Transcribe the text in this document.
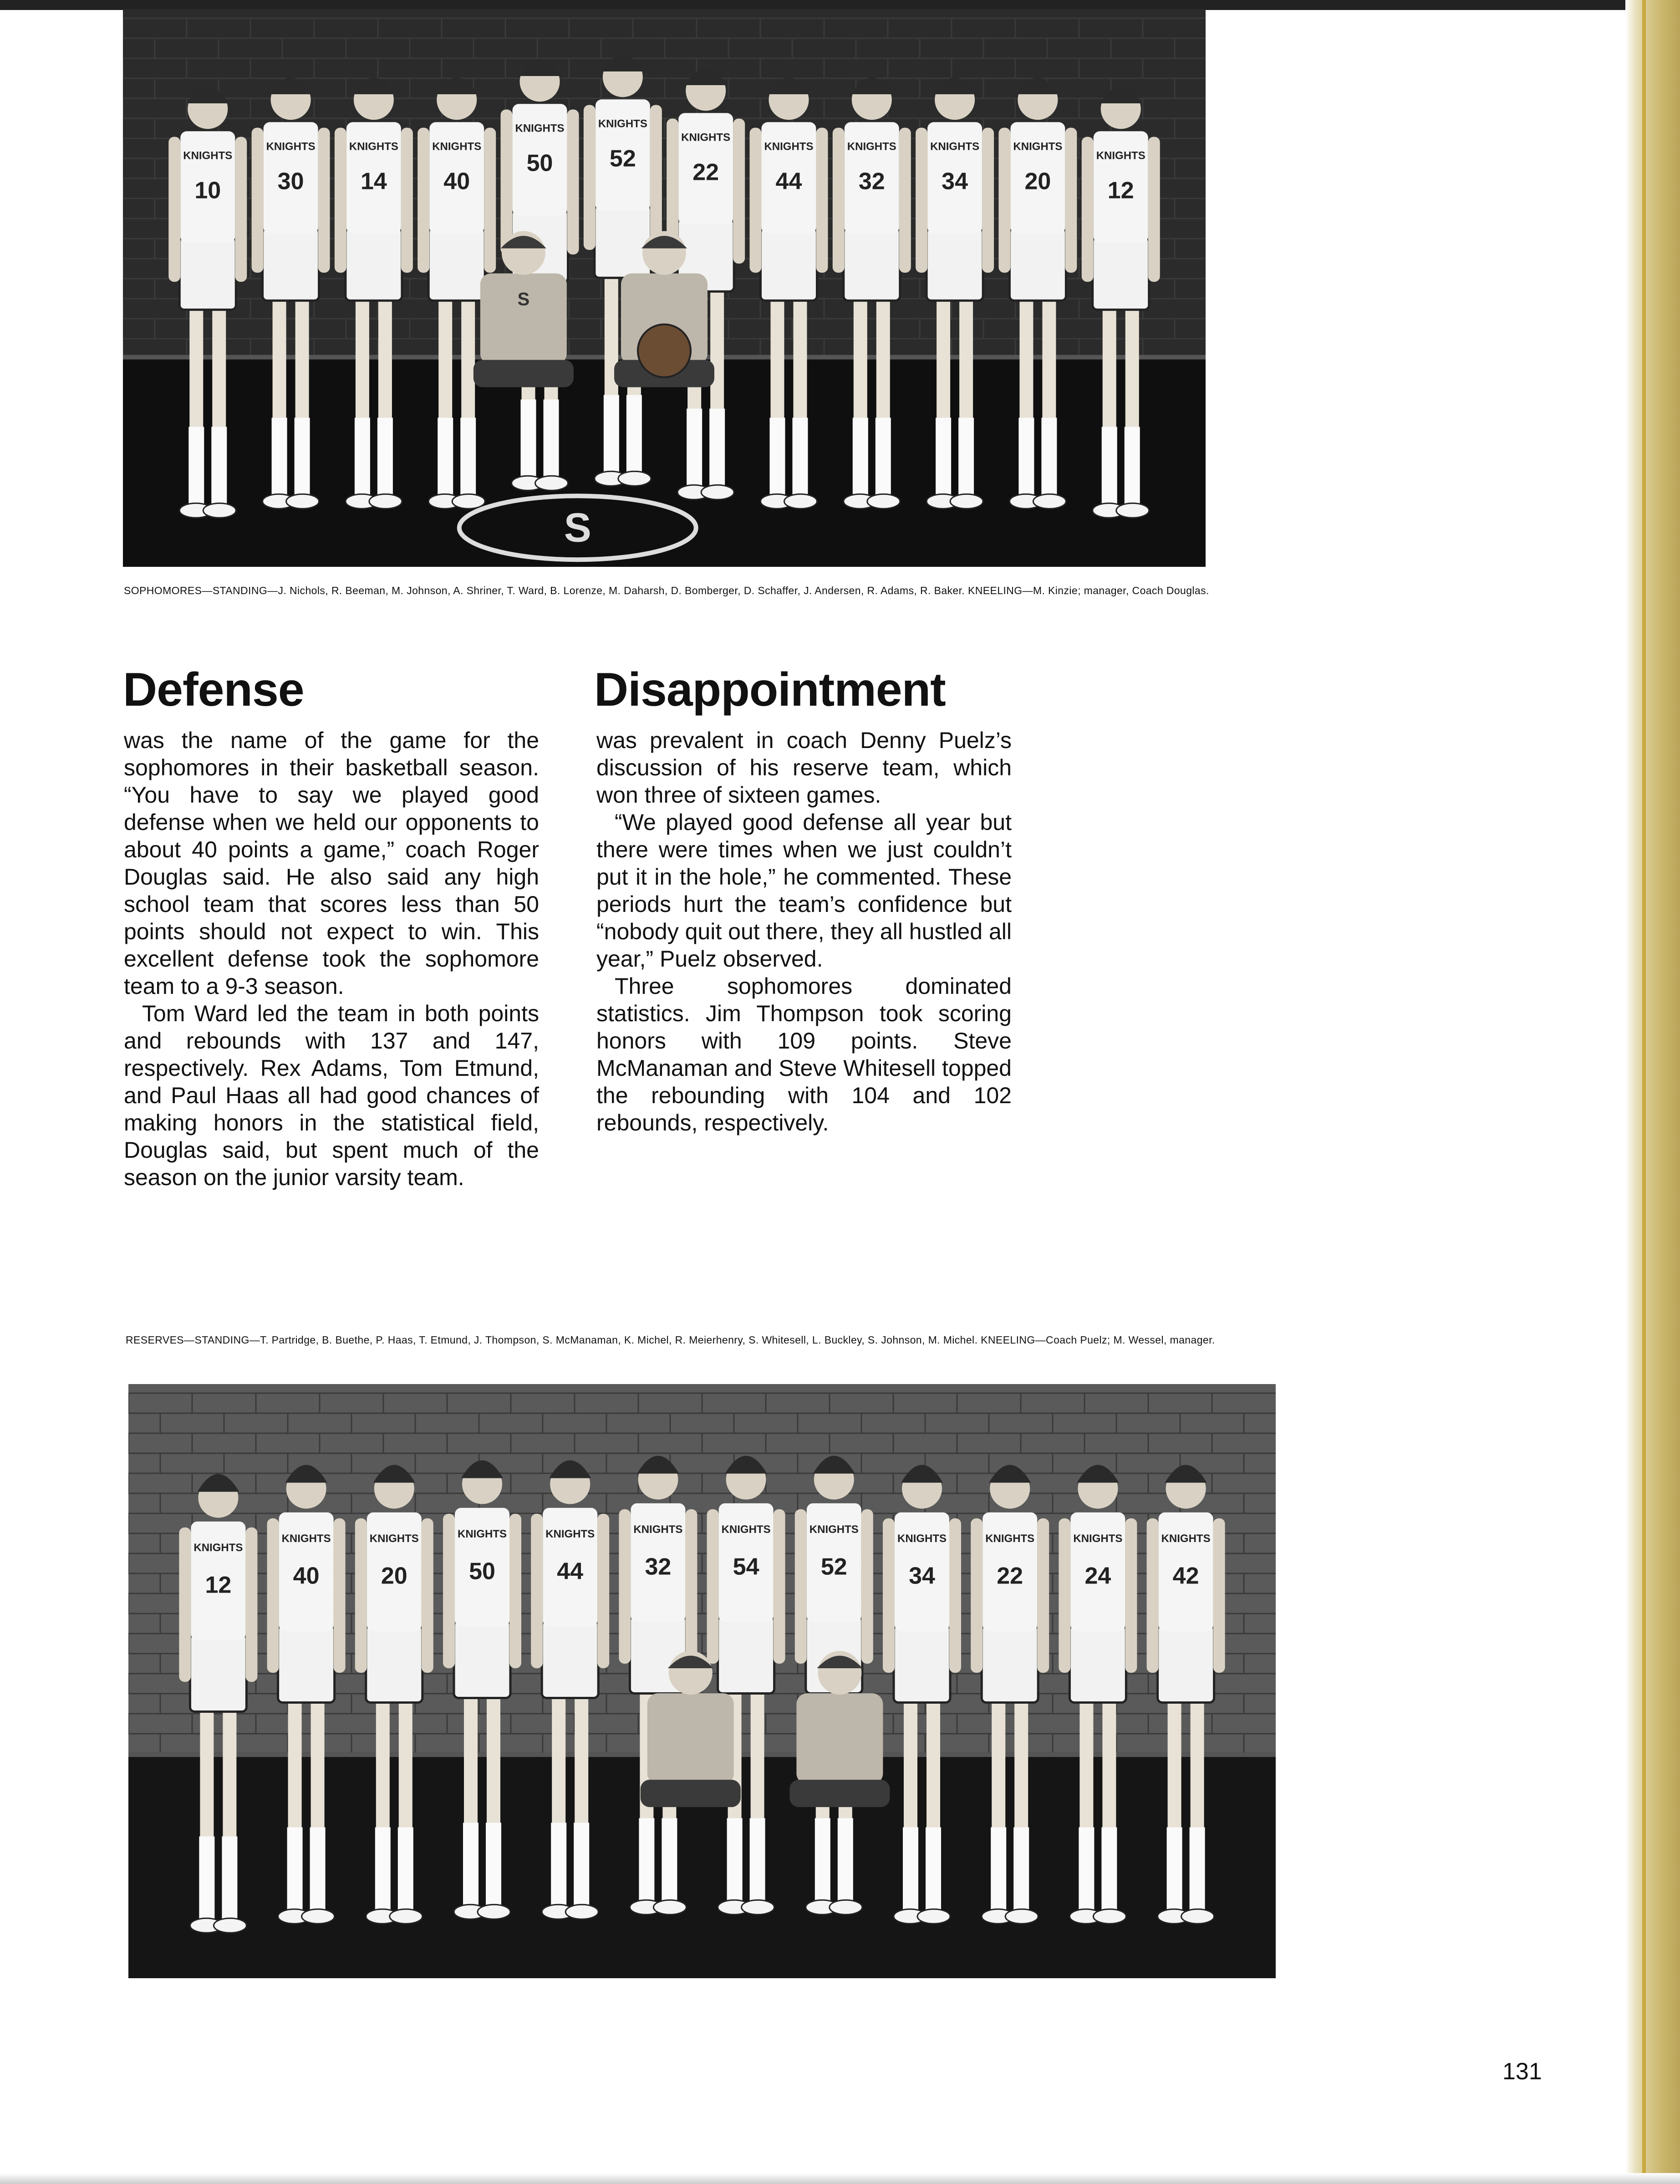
S
KNIGHTS
10
KNIGHTS
30
KNIGHTS
14
KNIGHTS
40
KNIGHTS
50
KNIGHTS
52
KNIGHTS
22
KNIGHTS
44
KNIGHTS
32
KNIGHTS
34
KNIGHTS
20
KNIGHTS
12
S
SOPHOMORES—STANDING—J. Nichols, R. Beeman, M. Johnson, A. Shriner, T. Ward, B. Lorenze, M. Daharsh, D. Bomberger, D. Schaffer, J. Andersen, R. Adams, R. Baker. KNEELING—M. Kinzie; manager, Coach Douglas.
Defense

was the name of the game for the sophomores in their basketball season. “You have to say we played good defense when we held our opponents to about 40 points a game,” coach Roger Douglas said. He also said any high school team that scores less than 50 points should not expect to win. This excellent defense took the sophomore team to a 9-3 season.

Tom Ward led the team in both points and rebounds with 137 and 147, respectively. Rex Adams, Tom Etmund, and Paul Haas all had good chances of making honors in the statistical field, Douglas said, but spent much of the season on the junior varsity team.

Disappointment

was prevalent in coach Denny Puelz’s discussion of his reserve team, which won three of sixteen games.

“We played good defense all year but there were times when we just couldn’t put it in the hole,” he commented. These periods hurt the team’s confidence but “nobody quit out there, they all hustled all year,” Puelz observed.

Three sophomores dominated statistics. Jim Thompson took scoring honors with 109 points. Steve McManaman and Steve Whitesell topped the rebounding with 104 and 102 rebounds, respectively.

RESERVES—STANDING—T. Partridge, B. Buethe, P. Haas, T. Etmund, J. Thompson, S. McManaman, K. Michel, R. Meierhenry, S. Whitesell, L. Buckley, S. Johnson, M. Michel. KNEELING—Coach Puelz; M. Wessel, manager.
KNIGHTS
12
KNIGHTS
40
KNIGHTS
20
KNIGHTS
50
KNIGHTS
44
KNIGHTS
32
KNIGHTS
54
KNIGHTS
52
KNIGHTS
34
KNIGHTS
22
KNIGHTS
24
KNIGHTS
42
131
